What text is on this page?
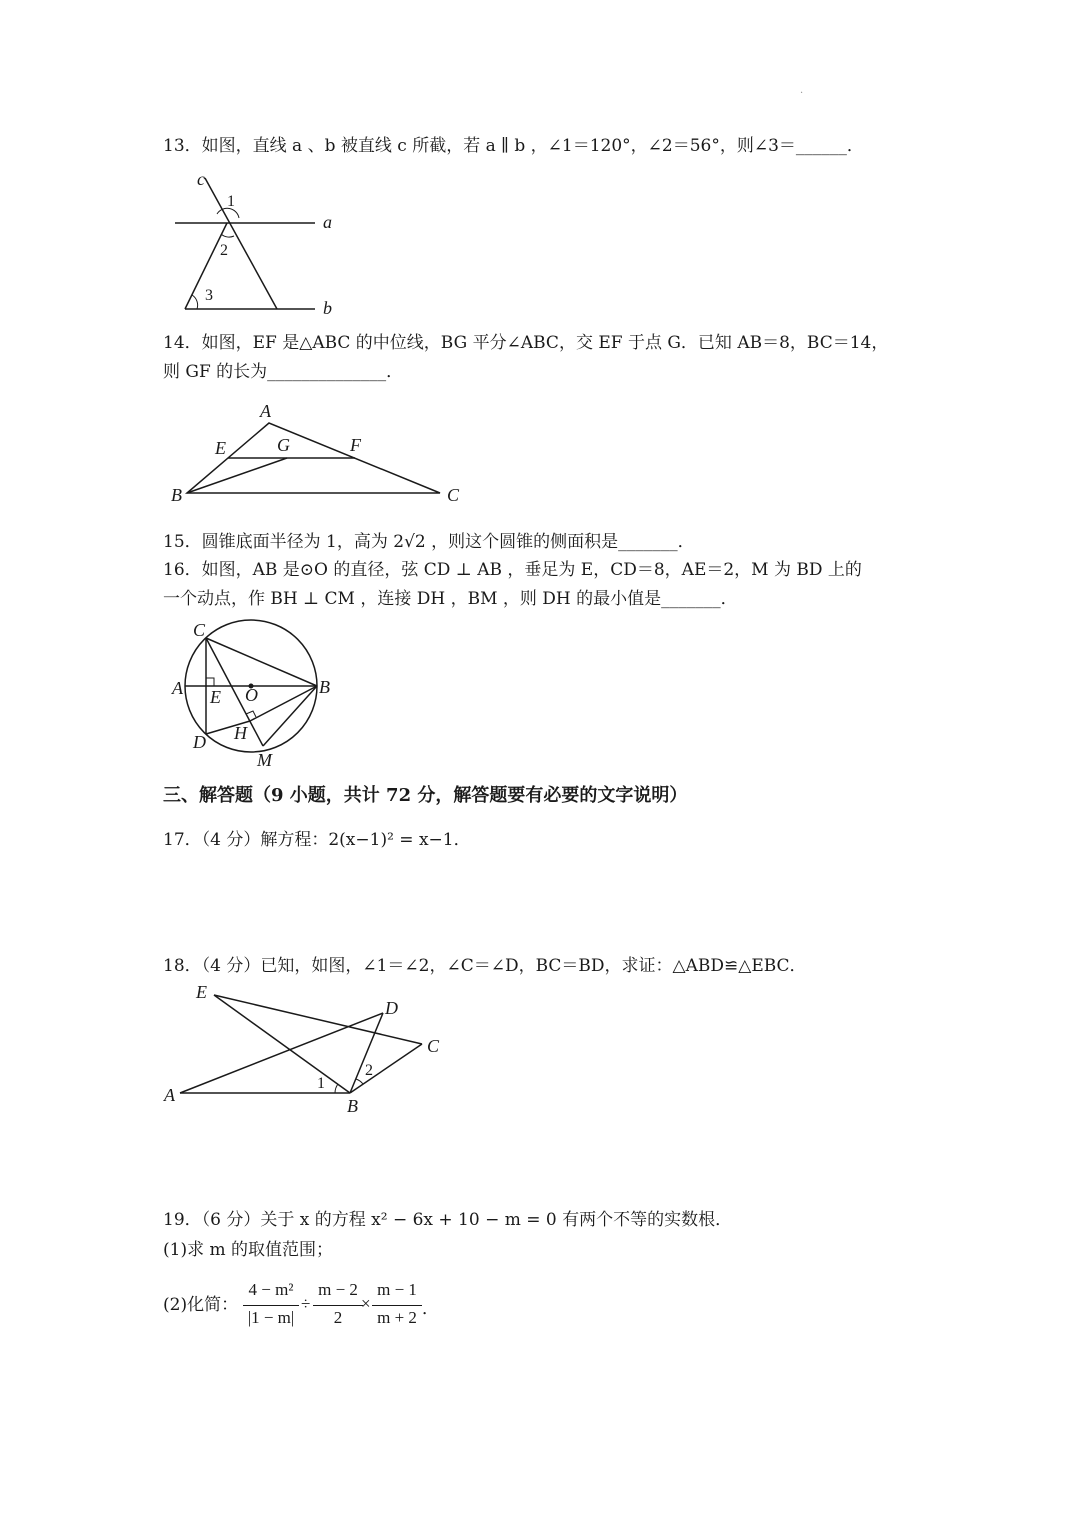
·
13．如图，直线 a 、b 被直线 c 所截，若 a ∥ b ，∠1＝120°，∠2＝56°，则∠3＝______．
c
1
a
2
3
b
14．如图，EF 是△ABC 的中位线，BG 平分∠ABC，交 EF 于点 G．已知 AB＝8，BC＝14，
则 GF 的长为______________．
A
E	G	F
B	C
15．圆锥底面半径为 1，高为 2√2 ，则这个圆锥的侧面积是_______．
16．如图，AB 是⊙O 的直径，弦 CD ⊥ AB ，垂足为 E，CD＝8，AE＝2，M 为 BD 上的
一个动点，作 BH ⊥ CM ，连接 DH ，BM ，则 DH 的最小值是_______．
C
A E O	B
D H
M
三、解答题（9 小题，共计 72 分，解答题要有必要的文字说明）
17．（4 分）解方程：2(x−1)² = x−1．
18．（4 分）已知，如图，∠1＝∠2，∠C＝∠D，BC＝BD，求证：△ABD≌△EBC．
E
D
C
A
1
2
B
19．（6 分）关于 x 的方程 x² − 6x + 10 − m = 0 有两个不等的实数根．
(1)求 m 的取值范围；
(2)化简：
4 − m²
|1 − m|
÷
m − 2
2
×
m − 1
m + 2 ．
